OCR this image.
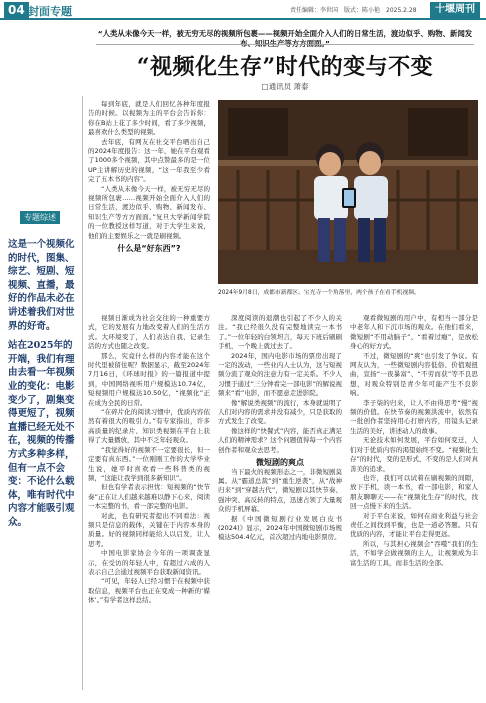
04 封面专题	责任编辑：李世国　版式：陈小艳　2025.2.28	十堰周刊
“人类从未像今天一样，被无穷无尽的视频所包裹——视频开始全面介入人们的日常生活，渡边似乎、购物、新闻发
“视频化生存”时代的变与不变
□通讯员 萧泰
专题综述

这是一个视频化的时代，图集、综艺、短剧、短视频、直播，最好的作品未必在讲述着我们对世界的好奇。

站在2025年的开端，我们有理由去看一年视频业的变化：电影变少了，剧集变得更短了，视频直播已经无处不在，视频的传播方式多种多样，但有一点不会变：不论什么载体，唯有时代中内容才能吸引观众。

每到年底，就是人们回忆各种年度报告的时候。以视频为主的平台会告诉你：你在B站上花了多少时间，看了多少视频，最喜欢什么类型的视频。

去年底，有网友在社交平台晒出自己的2024年度报告：这一年，她在平台观看了1000多个视频，其中点赞最多的是一位UP主讲解历史的视频，“这一年我至少看完了五本书的内容”。

“人类从未像今天一样，被无穷无尽的视频所包裹……视频开始全面介入人们的日常生活，渡边似乎、购物、新闻发布、知识生产等方方面面。”复旦大学新闻学院的一位教授这样写道，对于大学生来说，他们的主要娱乐之一就是刷视频。

什么是“好东西”?

视频日渐成为社会交往的一种重要方式，它的发展有力地改变着人们的生活方式。大环境变了，人们表达自我、记录生活的方式也随之改变。

那么，究竟什么样的内容才能在这个时代里被留住呢？数据显示，截至2024年7月16日，《环球时报》的一篇报道中提到，中国网络视听用户规模达10.74亿，短视频用户规模达10.50亿，“视频化”正在成为全民的日常。

“在碎片化的阅读习惯中，优质内容依然有着很大的吸引力。”有专家指出，许多高质量的纪录片、知识类视频在平台上获得了大量播放，其中不乏年轻观众。

“我觉得好的视频不一定要很长，但一定要有真东西。”一位刚刚工作的大学毕业生说，她平时喜欢看一些科普类的视频，“这能让我学到很多新知识”。

但也有学者表示担忧：短视频的“快节奏”正在让人们越来越难以静下心来，阅读一本完整的书，看一部完整的电影。

对此，也有研究者提出不同看法：视频只是信息的载体，关键在于内容本身的质量。好的视频同样能给人以启发，让人思考。

中国电影家协会今年的一项调查显示，在受访的年轻人中，有超过六成的人表示自己会通过视频平台获取新闻资讯。

“可见，年轻人已经习惯于在视频中获取信息，视频平台也正在变成一种新的‘媒体’。”有学者这样总结。

2024年9月8日，成都市新都区。宝光寺一个角落里，两个孩子在看手机视频。

深度阅读的退潮也引起了不少人的关注。“我已经很久没有完整地读完一本书了。”一位年轻的白领坦言，每天下班后刷刷手机，一个晚上就过去了。

2024年，国内电影市场的票房出现了一定的波动，一些业内人士认为，这与短视频分流了观众的注意力有一定关系。不少人习惯于通过“三分钟看完一部电影”的解说视频来“看”电影，而不愿意走进影院。

像“解说类视频”的流行，本身就说明了人们对内容的需求并没有减少，只是获取的方式发生了改变。

像这样的“快餐式”内容，能否真正满足人们的精神需求？这个问题值得每一个内容创作者和观众去思考。

微短剧的爽点

当下最火的视频形态之一，非微短剧莫属。从“霸道总裁”到“重生逆袭”，从“战神归来”到“穿越古代”，微短剧以其快节奏、强冲突、高反转的特点，迅速占领了大量观众的手机屏幕。

据《中国微短剧行业发展白皮书(2024)》显示，2024年中国微短剧市场规模达504.4亿元，首次超过内地电影票房。

观看微短剧的用户中，有相当一部分是中老年人和下沉市场的观众。在他们看来，微短剧“不用动脑子”、“看着过瘾”，是放松身心的好方式。

不过，微短剧的“爽”也引发了争议。有网友认为，一些微短剧内容低俗、价值观扭曲，宣扬“一夜暴富”、“不劳而获”等不良思想，对观众特别是青少年可能产生不良影响。

李子柒的归来，让人不由得思考“慢”视频的价值。在快节奏的视频洪流中，依然有一批创作者坚持用心打磨内容，用镜头记录生活的美好，讲述动人的故事。

无论技术如何发展，平台如何变迁，人们对于优质内容的渴望始终不变。“视频化生存”的时代，变的是形式，不变的是人们对真善美的追求。

也许，我们可以试着在刷视频的间隙，放下手机，读一本书，看一部电影，和家人朋友聊聊天——在“视频化生存”的时代，找回一点慢下来的生活。

对于平台来说，如何在商业利益与社会责任之间找到平衡，也是一道必答题。只有优质的内容，才能让平台走得更远。

所以，与其担心视频会“吞噬”我们的生活，不如学会做视频的主人，让视频成为丰富生活的工具，而非生活的全部。
